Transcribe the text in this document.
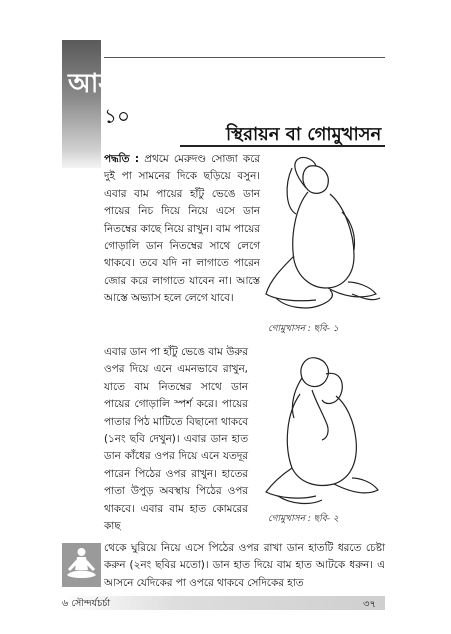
আসন
১০
স্থিরায়ন বা গোমুখাসন
পদ্ধতি : প্রথমে মেরুদণ্ড সোজা করে দুই পা সামনের দিকে ছড়িয়ে বসুন। এবার বাম পায়ের হাঁটু ভেঙে ডান পায়ের নিচ দিয়ে নিয়ে এসে ডান নিতম্বের কাছে নিয়ে রাখুন। বাম পায়ের গোড়ালি ডান নিতম্বের সাথে লেগে থাকবে। তবে যদি না লাগাতে পারেন জোর করে লাগাতে যাবেন না। আস্তে আস্তে অভ্যাস হলে লেগে যাবে।
গোমুখাসন : ছবি- ১
এবার ডান পা হাঁটু ভেঙে বাম উরুর ওপর দিয়ে এনে এমনভাবে রাখুন, যাতে বাম নিতম্বের সাথে ডান পায়ের গোড়ালি স্পর্শ করে। পায়ের পাতার পিঠ মাটিতে বিছানো থাকবে (১নং ছবি দেখুন)। এবার ডান হাত ডান কাঁধের ওপর দিয়ে এনে যতদূর পারেন পিঠের ওপর রাখুন। হাতের পাতা উপুড় অবস্থায় পিঠের ওপর থাকবে। এবার বাম হাত কোমরের কাছ
গোমুখাসন : ছবি- ২
থেকে ঘুরিয়ে নিয়ে এসে পিঠের ওপর রাখা ডান হাতটি ধরতে চেষ্টা করুন (২নং ছবির মতো)। ডান হাত দিয়ে বাম হাত আটকে ধরুন। এ আসনে যেদিকের পা ওপরে থাকবে সেদিকের হাত
৬ সৌন্দর্যচর্চা	৩৭
